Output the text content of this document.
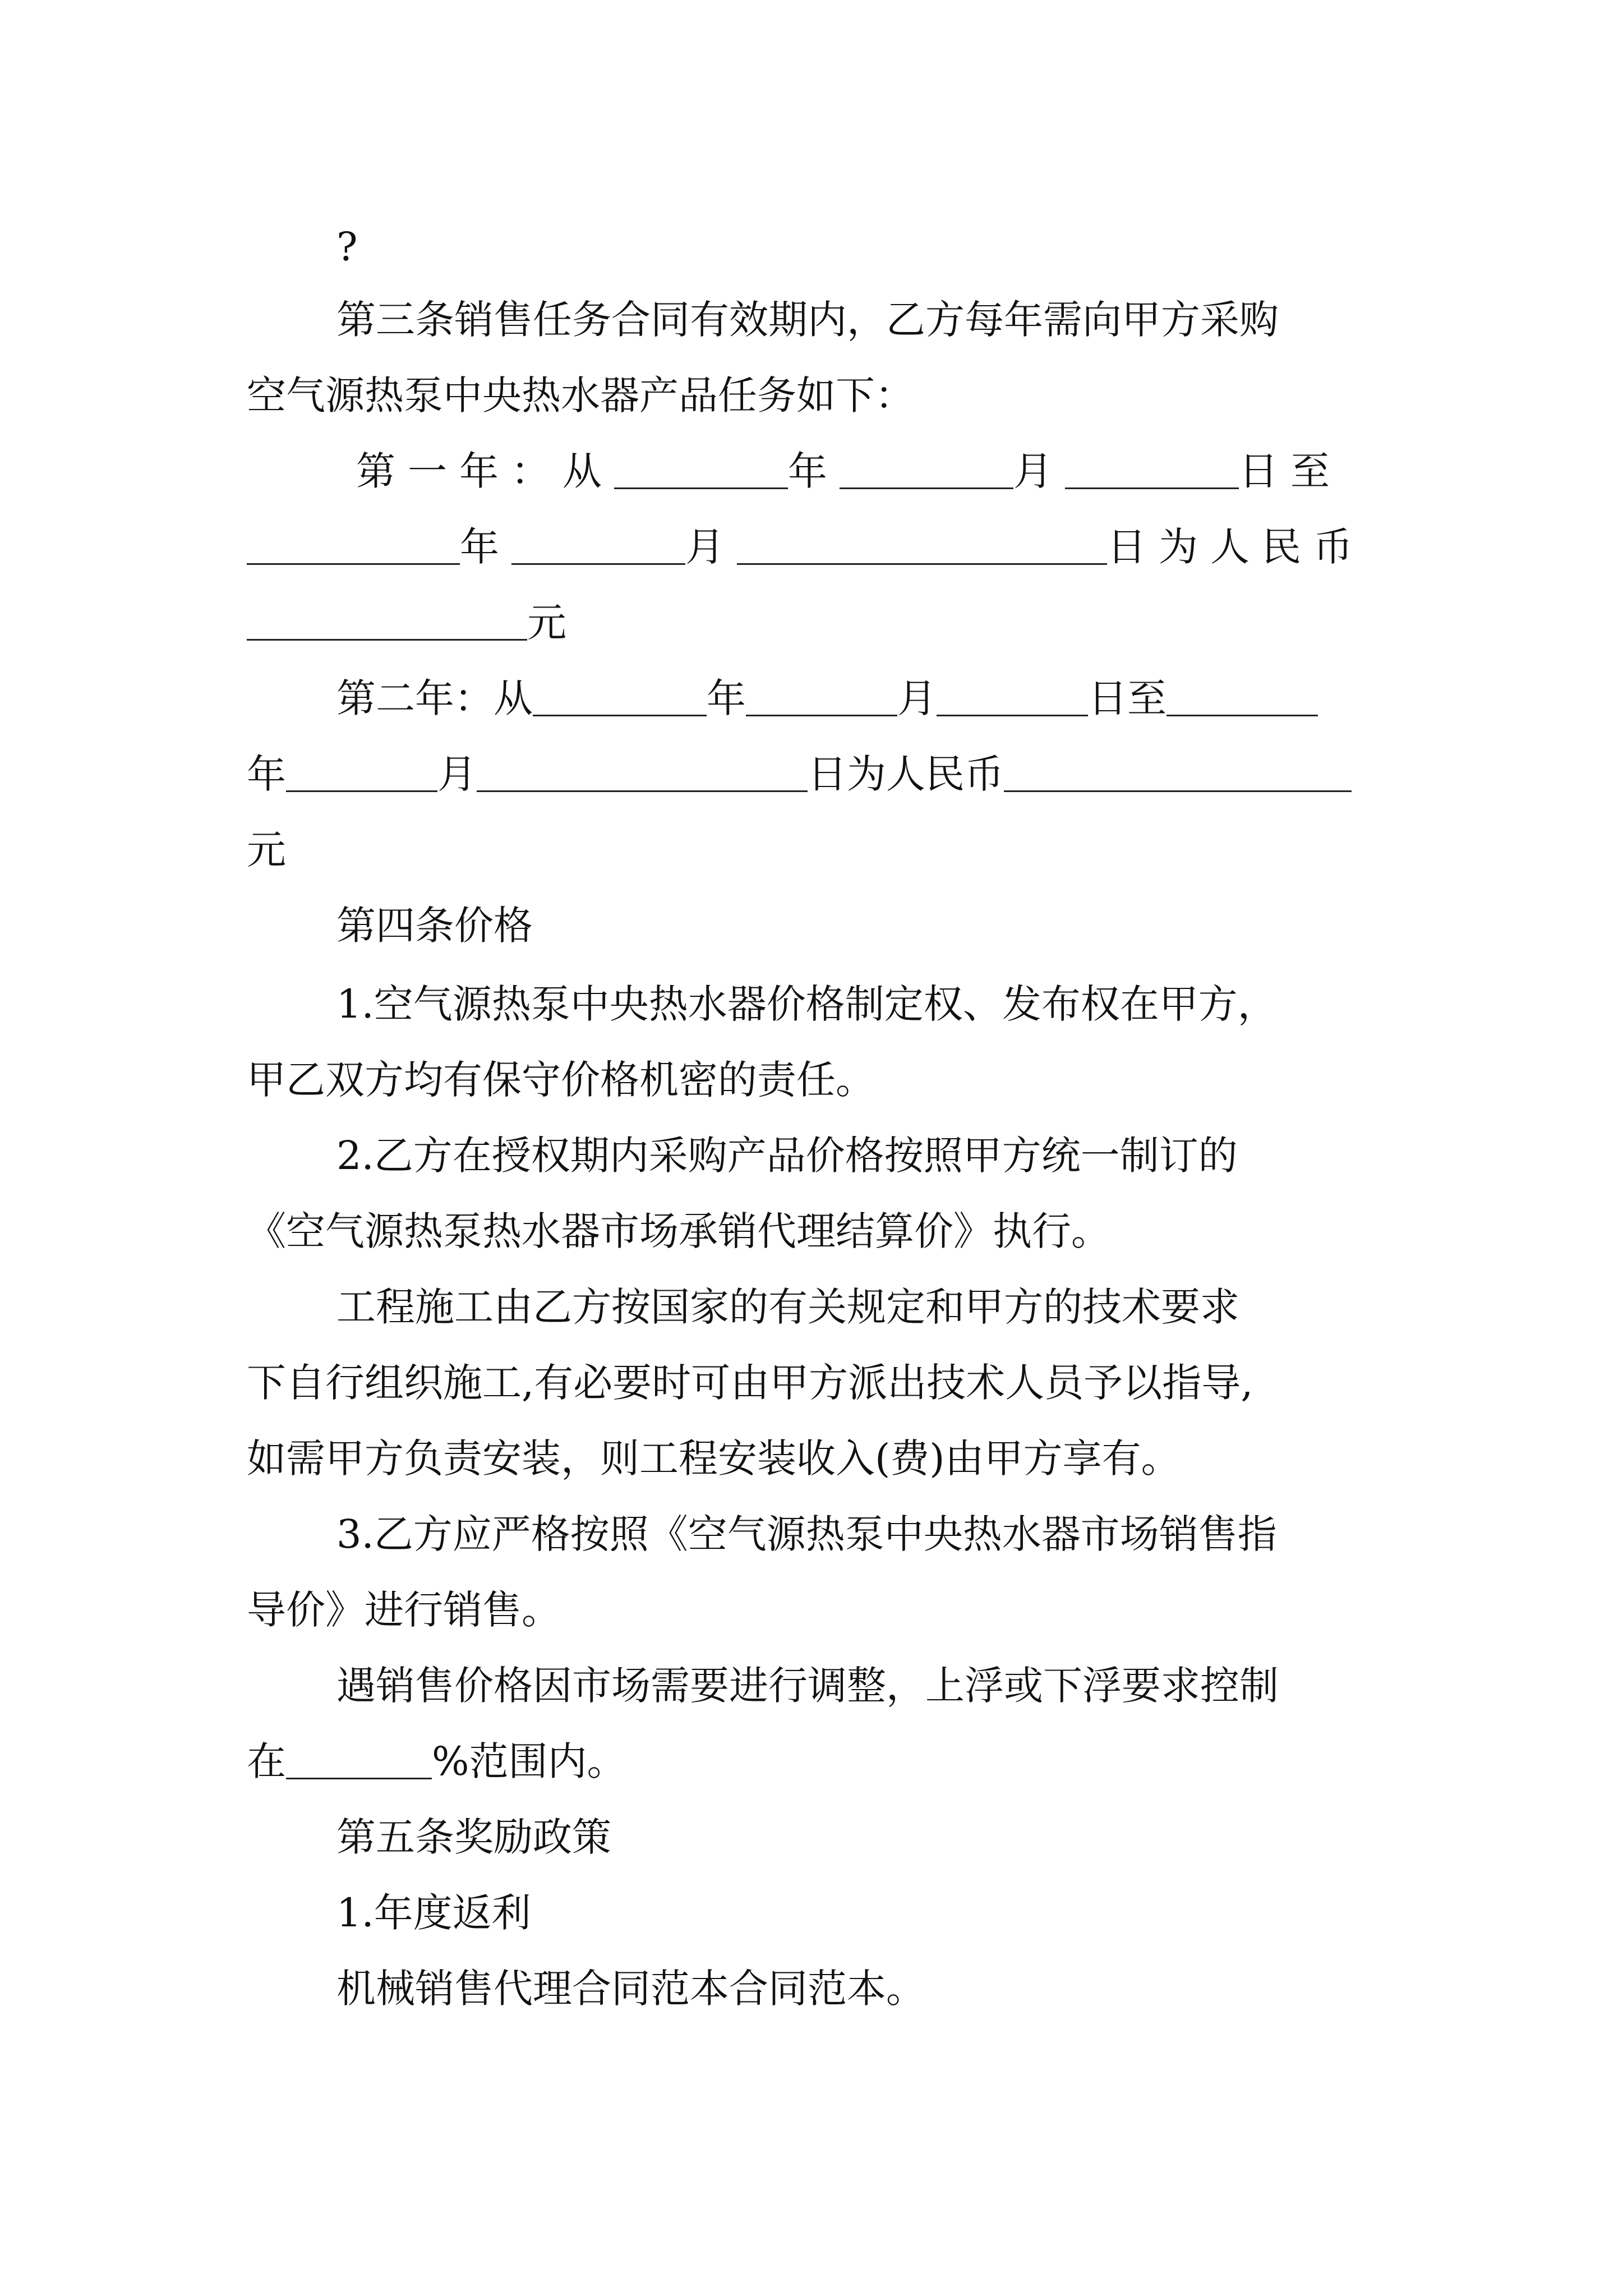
?
第三条销售任务合同有效期内，乙方每年需向甲方采购
空气源热泵中央热水器产品任务如下：
第一年：从	年	月	日至
年	月	日为人民币
元
第二年：从	年	月	日至
年	月	日为人民币
元
第四条价格
1.空气源热泵中央热水器价格制定权、发布权在甲方，
甲乙双方均有保守价格机密的责任。
2.乙方在授权期内采购产品价格按照甲方统一制订的
《空气源热泵热水器市场承销代理结算价》执行。
工程施工由乙方按国家的有关规定和甲方的技术要求
下自行组织施工,有必要时可由甲方派出技术人员予以指导,
如需甲方负责安装，则工程安装收入(费)由甲方享有。
3.乙方应严格按照《空气源热泵中央热水器市场销售指
导价》进行销售。
遇销售价格因市场需要进行调整，上浮或下浮要求控制
在	%范围内。
第五条奖励政策
1.年度返利
机械销售代理合同范本合同范本。
